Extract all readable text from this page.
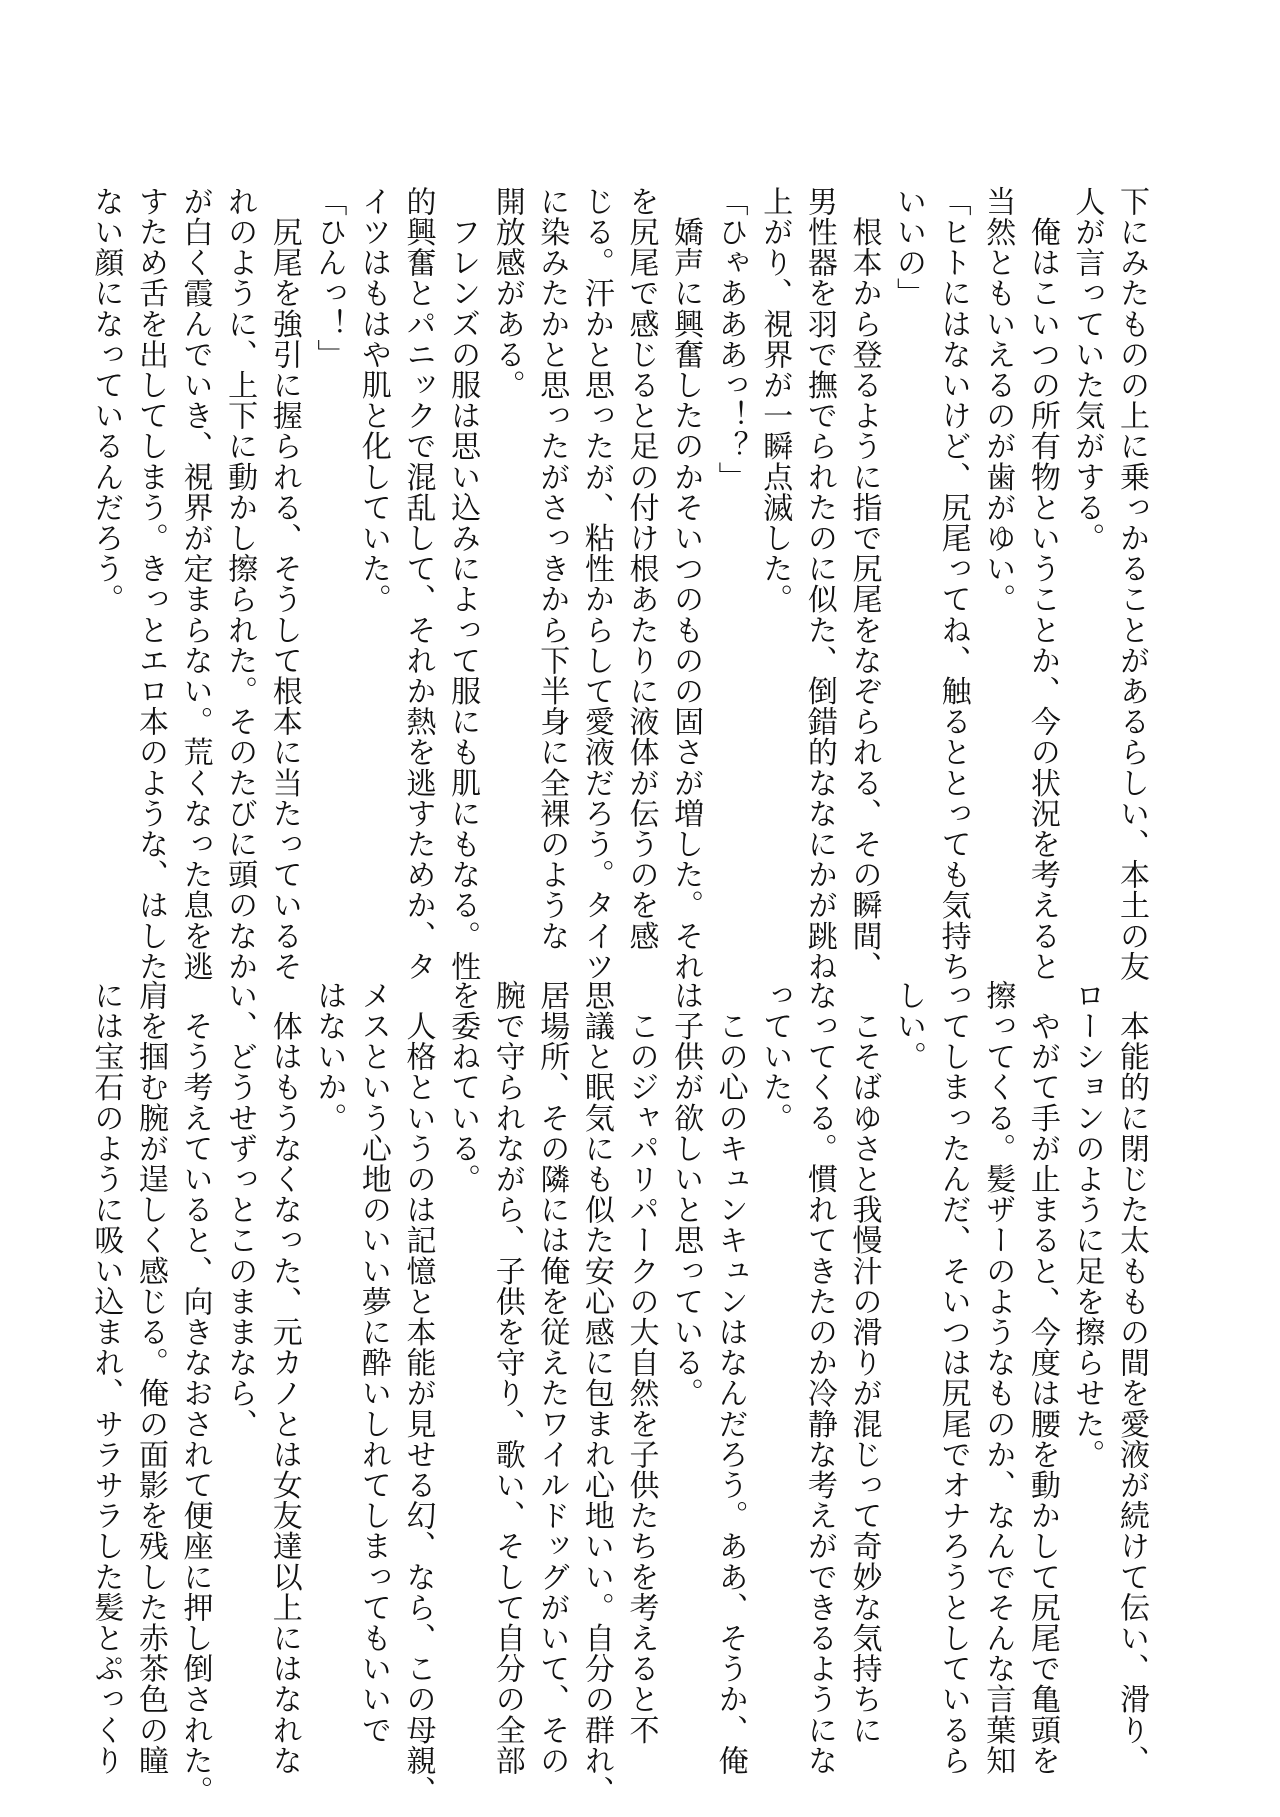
下にみたものの上に乗っかることがあるらしい、本土の友

人が言っていた気がする。

　俺はこいつの所有物ということか、今の状況を考えると

当然ともいえるのが歯がゆい。

「ヒトにはないけど、尻尾ってね、触るととっても気持ち

いいの」

　根本から登るように指で尻尾をなぞられる、その瞬間、

男性器を羽で撫でられたのに似た、倒錯的ななにかが跳ね

上がり、視界が一瞬点滅した。

「ひゃあああっ！？」

　嬌声に興奮したのかそいつのものの固さが増した。それ

を尻尾で感じると足の付け根あたりに液体が伝うのを感

じる。汗かと思ったが、粘性からして愛液だろう。タイツ

に染みたかと思ったがさっきから下半身に全裸のような

開放感がある。

　フレンズの服は思い込みによって服にも肌にもなる。性

的興奮とパニックで混乱して、それか熱を逃すためか、タ

イツはもはや肌と化していた。

「ひんっ！」

　尻尾を強引に握られる、そうして根本に当たっているそ

れのように、上下に動かし擦られた。そのたびに頭のなか

が白く霞んでいき、視界が定まらない。荒くなった息を逃

すため舌を出してしまう。きっとエロ本のような、はした

ない顔になっているんだろう。

　本能的に閉じた太ももの間を愛液が続けて伝い、滑り、

ローションのように足を擦らせた。

　やがて手が止まると、今度は腰を動かして尻尾で亀頭を

擦ってくる。髪ザーのようなものか、なんでそんな言葉知

ってしまったんだ、そいつは尻尾でオナろうとしているら

しい。

　こそばゆさと我慢汁の滑りが混じって奇妙な気持ちに

なってくる。慣れてきたのか冷静な考えができるようにな

っていた。

　この心のキュンキュンはなんだろう。ああ、そうか、俺

は子供が欲しいと思っている。

　このジャパリパークの大自然を子供たちを考えると不

思議と眠気にも似た安心感に包まれ心地いい。自分の群れ、

居場所、その隣には俺を従えたワイルドッグがいて、その

腕で守られながら、子供を守り、歌い、そして自分の全部

を委ねている。

　人格というのは記憶と本能が見せる幻、なら、この母親、

メスという心地のいい夢に酔いしれてしまってもいいで

はないか。

　体はもうなくなった、元カノとは女友達以上にはなれな

い、どうせずっとこのままなら、

　そう考えていると、向きなおされて便座に押し倒された。

肩を掴む腕が逞しく感じる。俺の面影を残した赤茶色の瞳

には宝石のように吸い込まれ、サラサラした髪とぷっくり
